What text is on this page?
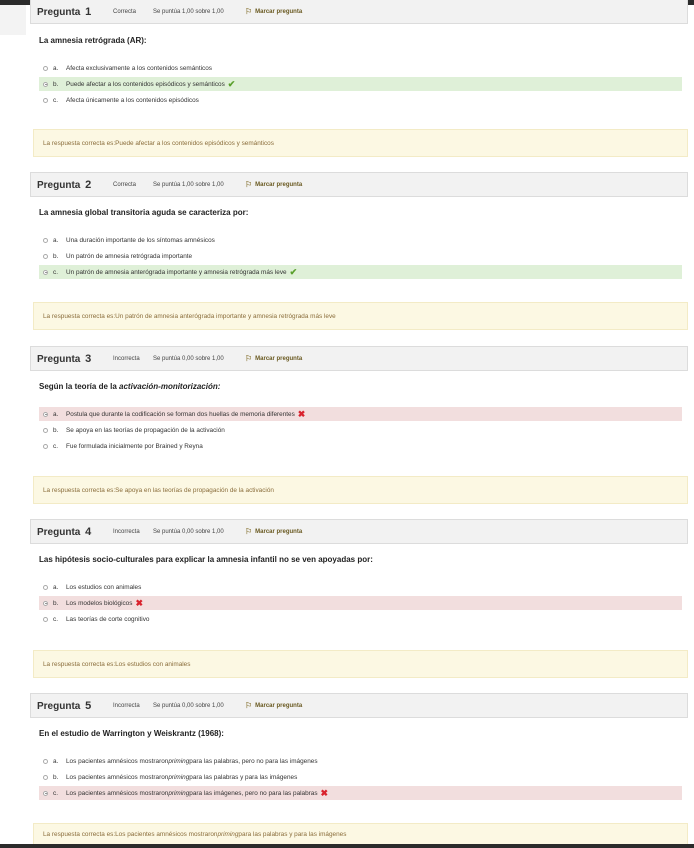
Pregunta 1	Correcta	Se puntúa 1,00 sobre 1,00	⚐ Marcar pregunta
La amnesia retrógrada (AR):
a.	Afecta exclusivamente a los contenidos semánticos
b.	Puede afectar a los contenidos episódicos y semánticos ✔
c.	Afecta únicamente a los contenidos episódicos
La respuesta correcta es: Puede afectar a los contenidos episódicos y semánticos
Pregunta 2	Correcta	Se puntúa 1,00 sobre 1,00	⚐ Marcar pregunta
La amnesia global transitoria aguda se caracteriza por:
a.	Una duración importante de los síntomas amnésicos
b.	Un patrón de amnesia retrógrada importante
c.	Un patrón de amnesia anterógrada importante y amnesia retrógrada más leve ✔
La respuesta correcta es: Un patrón de amnesia anterógrada importante y amnesia retrógrada más leve
Pregunta 3	Incorrecta	Se puntúa 0,00 sobre 1,00	⚐ Marcar pregunta
Según la teoría de la activación-monitorización:
a.	Postula que durante la codificación se forman dos huellas de memoria diferentes ✖
b.	Se apoya en las teorías de propagación de la activación
c.	Fue formulada inicialmente por Brained y Reyna
La respuesta correcta es: Se apoya en las teorías de propagación de la activación
Pregunta 4	Incorrecta	Se puntúa 0,00 sobre 1,00	⚐ Marcar pregunta
Las hipótesis socio-culturales para explicar la amnesia infantil no se ven apoyadas por:
a.	Los estudios con animales
b.	Los modelos biológicos ✖
c.	Las teorías de corte cognitivo
La respuesta correcta es: Los estudios con animales
Pregunta 5	Incorrecta	Se puntúa 0,00 sobre 1,00	⚐ Marcar pregunta
En el estudio de Warrington y Weiskrantz (1968):
a.	Los pacientes amnésicos mostraron priming para las palabras, pero no para las imágenes
b.	Los pacientes amnésicos mostraron priming para las palabras y para las imágenes
c.	Los pacientes amnésicos mostraron priming para las imágenes, pero no para las palabras ✖
La respuesta correcta es: Los pacientes amnésicos mostraron priming para las palabras y para las imágenes
